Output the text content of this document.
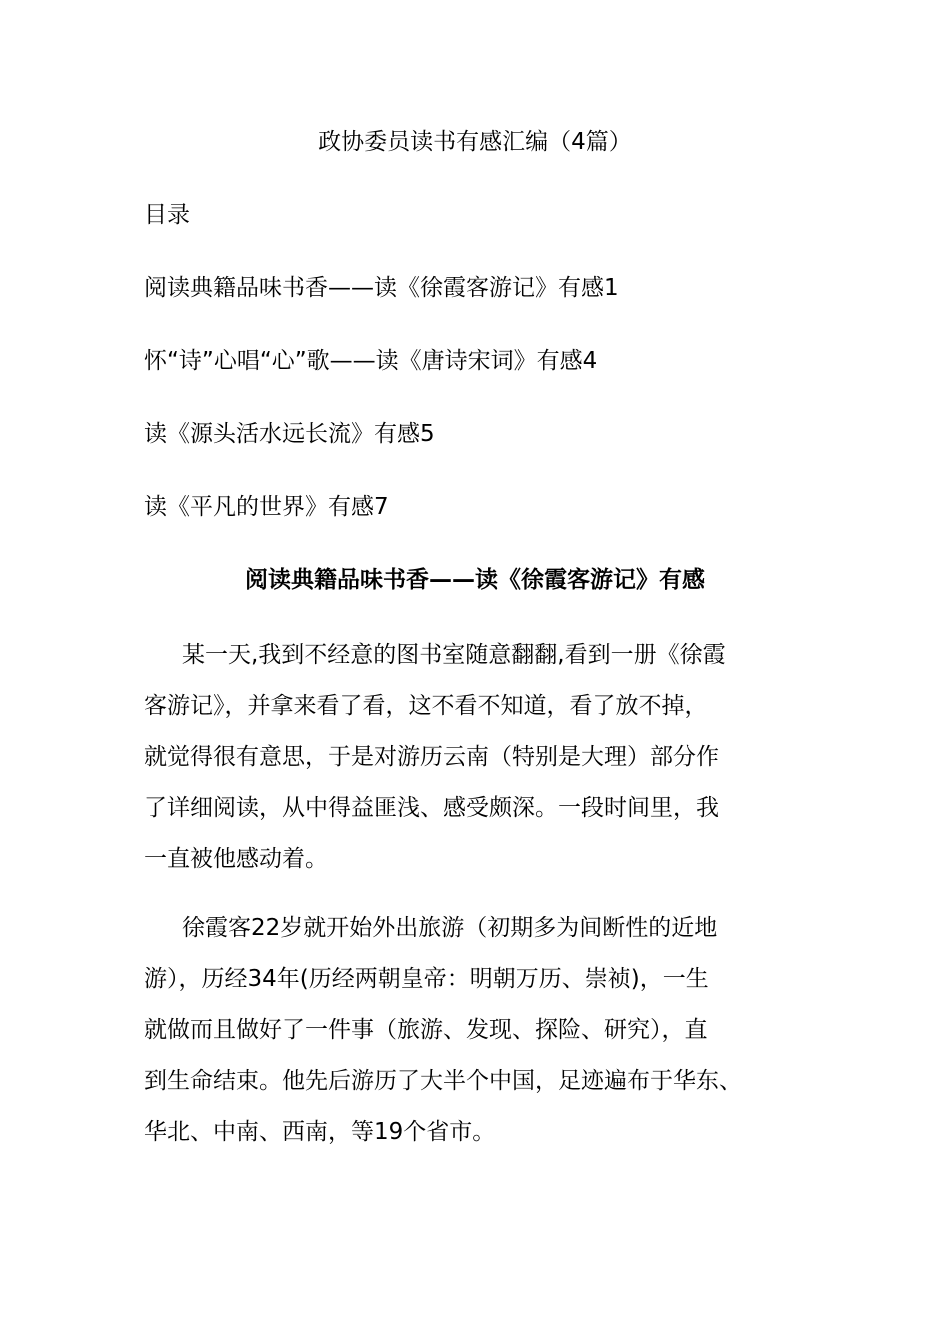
政协委员读书有感汇编（4篇）

目录

阅读典籍品味书香——读《徐霞客游记》有感1

怀“诗”心唱“心”歌——读《唐诗宋词》有感4

读《源头活水远长流》有感5

读《平凡的世界》有感7

阅读典籍品味书香——读《徐霞客游记》有感
某一天,我到不经意的图书室随意翻翻,看到一册《徐霞
客游记》，并拿来看了看，这不看不知道，看了放不掉，
就觉得很有意思，于是对游历云南（特别是大理）部分作
了详细阅读，从中得益匪浅、感受颇深。一段时间里，我
一直被他感动着。
徐霞客22岁就开始外出旅游（初期多为间断性的近地
游），历经34年(历经两朝皇帝：明朝万历、崇祯)，一生
就做而且做好了一件事（旅游、发现、探险、研究），直
到生命结束。他先后游历了大半个中国，足迹遍布于华东、
华北、中南、西南，等19个省市。
